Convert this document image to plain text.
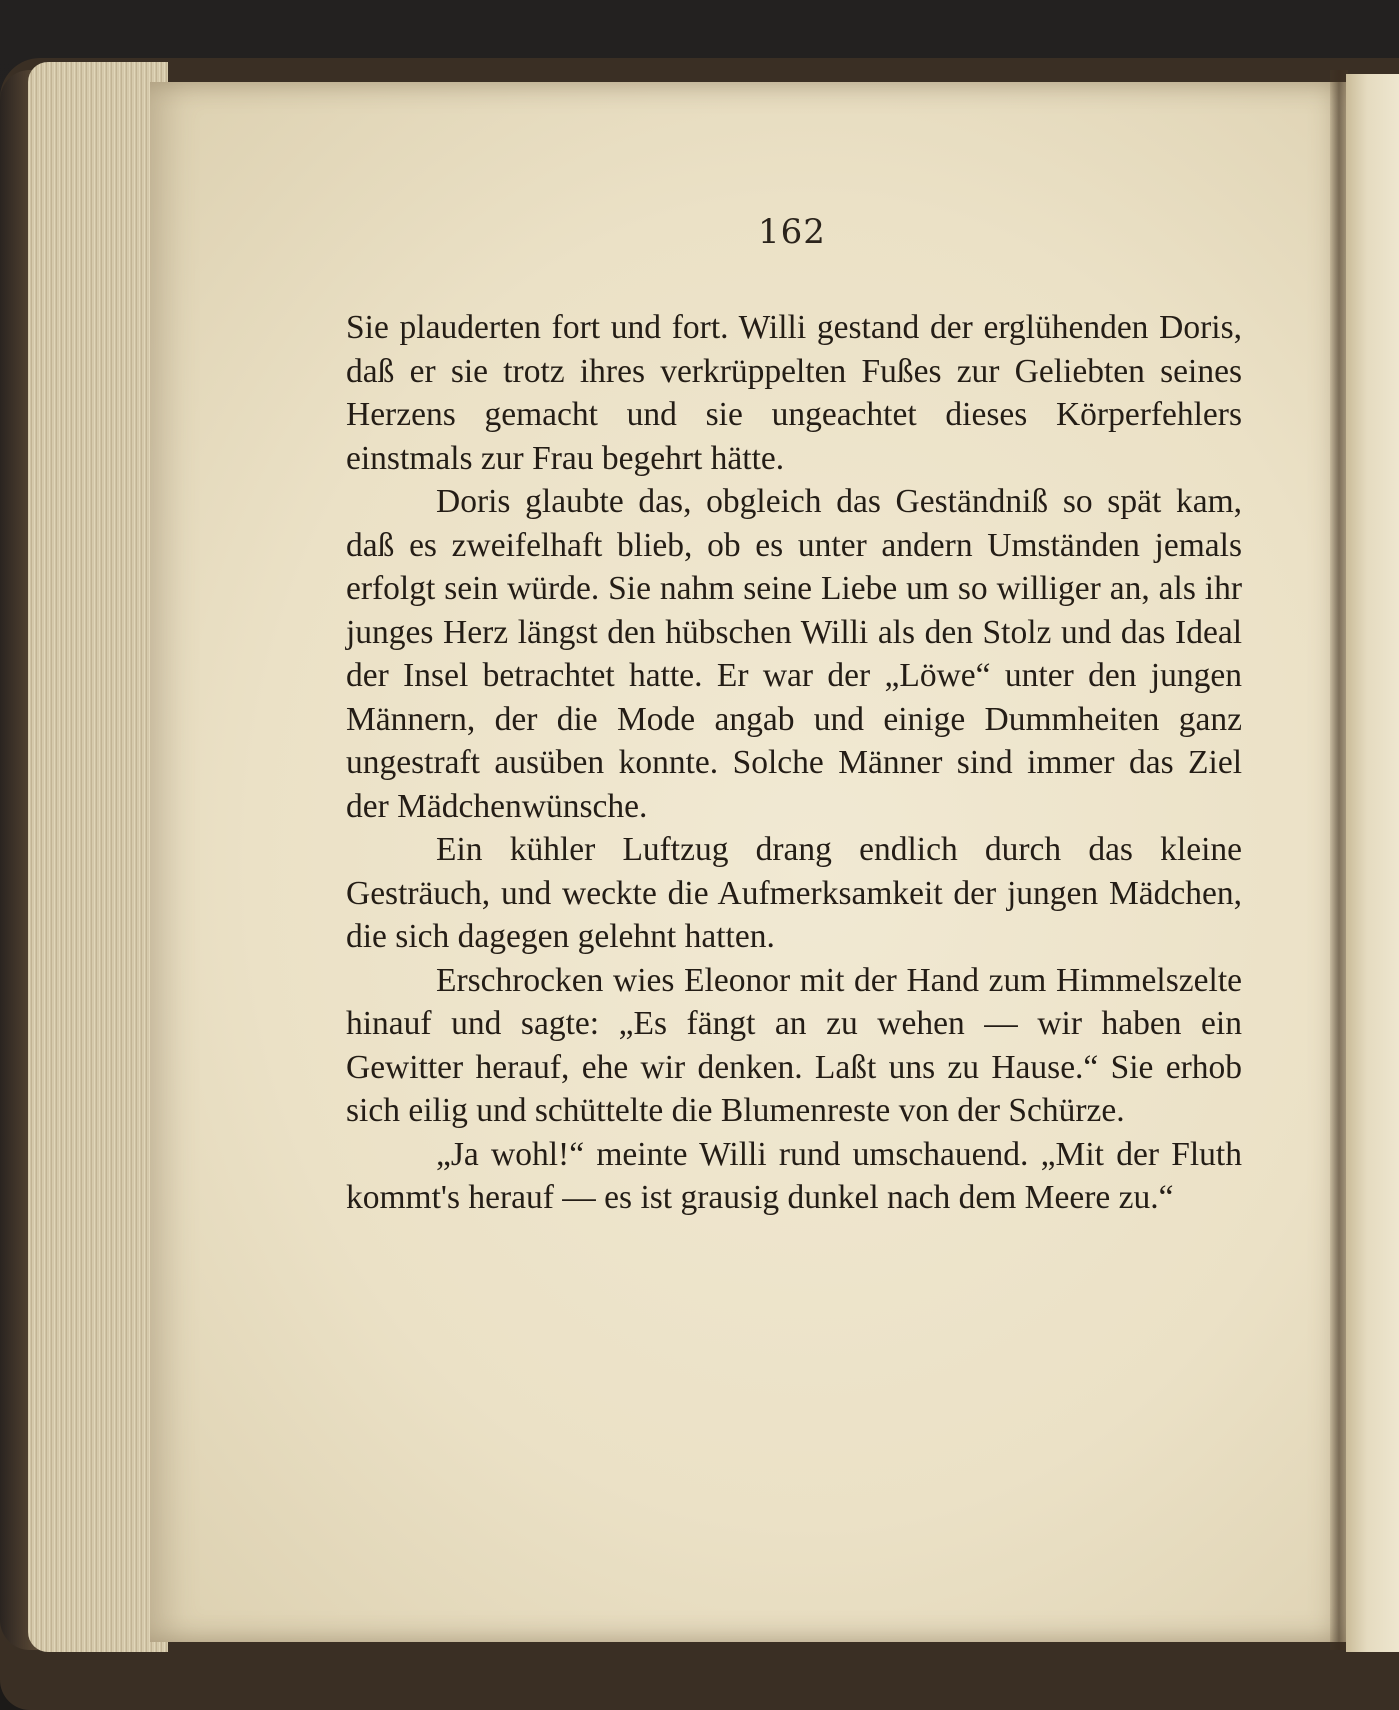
162

Sie plauderten fort und fort. Willi gestand der erglühenden Doris, daß er sie trotz ihres verkrüppelten Fußes zur Geliebten seines Herzens gemacht und sie ungeachtet dieses Körperfehlers einstmals zur Frau begehrt hätte.

Doris glaubte das, obgleich das Geständniß so spät kam, daß es zweifelhaft blieb, ob es unter andern Umständen jemals erfolgt sein würde. Sie nahm seine Liebe um so williger an, als ihr junges Herz längst den hübschen Willi als den Stolz und das Ideal der Insel betrachtet hatte. Er war der „Löwe“ unter den jungen Männern, der die Mode angab und einige Dummheiten ganz ungestraft ausüben konnte. Solche Männer sind immer das Ziel der Mädchenwünsche.

Ein kühler Luftzug drang endlich durch das kleine Gesträuch, und weckte die Aufmerksamkeit der jungen Mädchen, die sich dagegen gelehnt hatten.

Erschrocken wies Eleonor mit der Hand zum Himmelszelte hinauf und sagte: „Es fängt an zu wehen — wir haben ein Gewitter herauf, ehe wir denken. Laßt uns zu Hause.“ Sie erhob sich eilig und schüttelte die Blumenreste von der Schürze.

„Ja wohl!“ meinte Willi rund umschauend. „Mit der Fluth kommt's herauf — es ist grausig dunkel nach dem Meere zu.“
